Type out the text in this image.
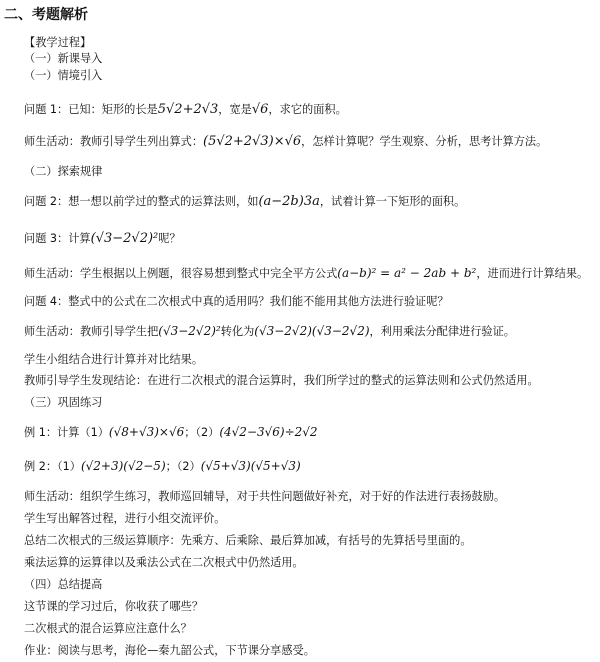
二、考题解析
【教学过程】
（一）新课导入
（一）情境引入
问题 1：已知：矩形的长是5√2+2√3，宽是√6，求它的面积。
师生活动：教师引导学生列出算式：(5√2+2√3)×√6，怎样计算呢？学生观察、分析，思考计算方法。
（二）探索规律
问题 2：想一想以前学过的整式的运算法则，如(a−2b)3a，试着计算一下矩形的面积。
问题 3：计算(√3−2√2)²呢？
师生活动：学生根据以上例题，很容易想到整式中完全平方公式(a−b)² = a² − 2ab + b²，进而进行计算结果。
问题 4：整式中的公式在二次根式中真的适用吗？我们能不能用其他方法进行验证呢？
师生活动：教师引导学生把(√3−2√2)²转化为(√3−2√2)(√3−2√2)，利用乘法分配律进行验证。
学生小组结合进行计算并对比结果。
教师引导学生发现结论：在进行二次根式的混合运算时，我们所学过的整式的运算法则和公式仍然适用。
（三）巩固练习
例 1：计算（1）(√8+√3)×√6；（2）(4√2−3√6)÷2√2
例 2：（1）(√2+3)(√2−5)；（2）(√5+√3)(√5+√3)
师生活动：组织学生练习，教师巡回辅导，对于共性问题做好补充，对于好的作法进行表扬鼓励。
学生写出解答过程，进行小组交流评价。
总结二次根式的三级运算顺序：先乘方、后乘除、最后算加减，有括号的先算括号里面的。
乘法运算的运算律以及乘法公式在二次根式中仍然适用。
（四）总结提高
这节课的学习过后，你收获了哪些？
二次根式的混合运算应注意什么？
作业：阅读与思考，海伦—秦九韶公式，下节课分享感受。
